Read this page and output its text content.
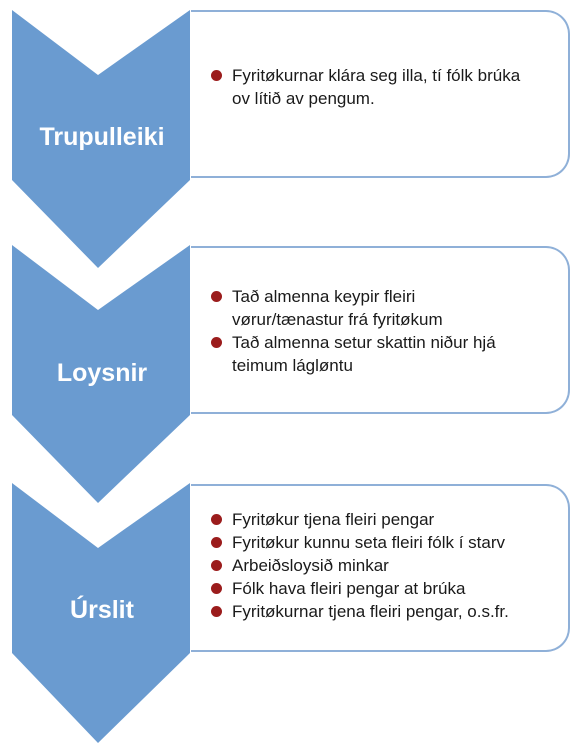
Trupulleiki
Fyritøkurnar klára seg illa, tí fólk brúka ov lítið av pengum.
Loysnir
Tað almenna keypir fleiri vørur/tænastur frá fyritøkum
Tað almenna setur skattin niður hjá teimum lágløntu
Úrslit
Fyritøkur tjena fleiri pengar
Fyritøkur kunnu seta fleiri fólk í starv
Arbeiðsloysið minkar
Fólk hava fleiri pengar at brúka
Fyritøkurnar tjena fleiri pengar, o.s.fr.
